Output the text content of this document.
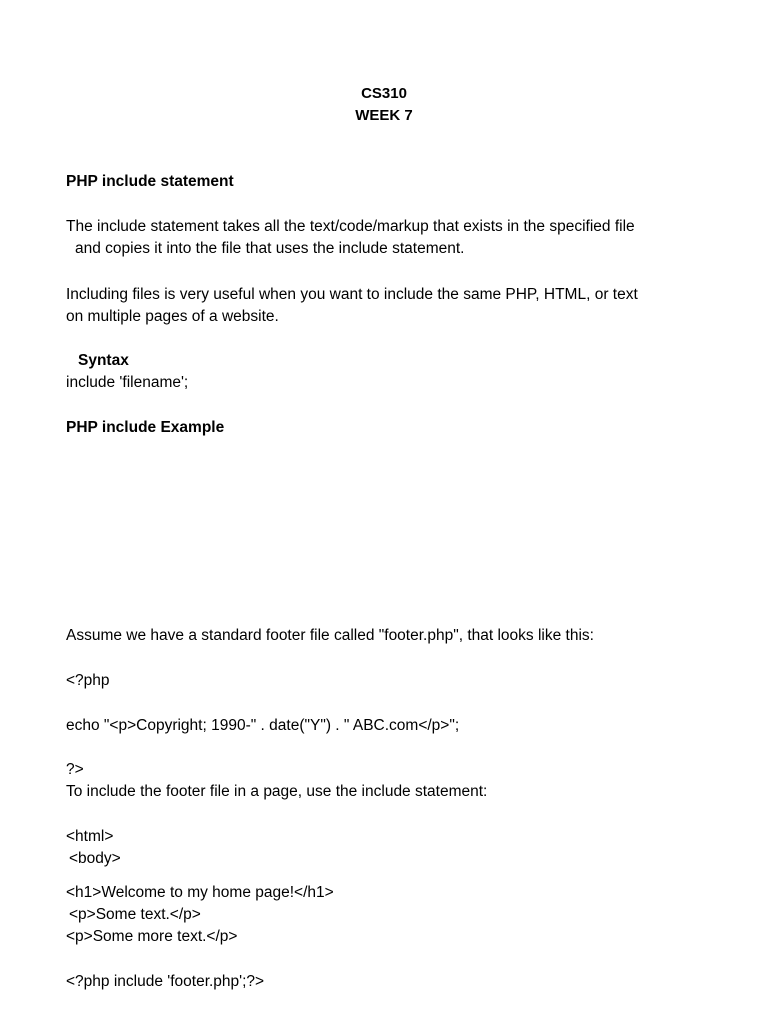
CS310
WEEK 7
PHP include statement
The include statement takes all the text/code/markup that exists in the specified file
and copies it into the file that uses the include statement.
Including files is very useful when you want to include the same PHP, HTML, or text
on multiple pages of a website.
Syntax
include 'filename';
PHP include Example
Assume we have a standard footer file called "footer.php", that looks like this:
<?php
echo "<p>Copyright; 1990-" . date("Y") . " ABC.com</p>";
?>
To include the footer file in a page, use the include statement:
<html>
<body>
<h1>Welcome to my home page!</h1>
<p>Some text.</p>
<p>Some more text.</p>
<?php include 'footer.php';?>
